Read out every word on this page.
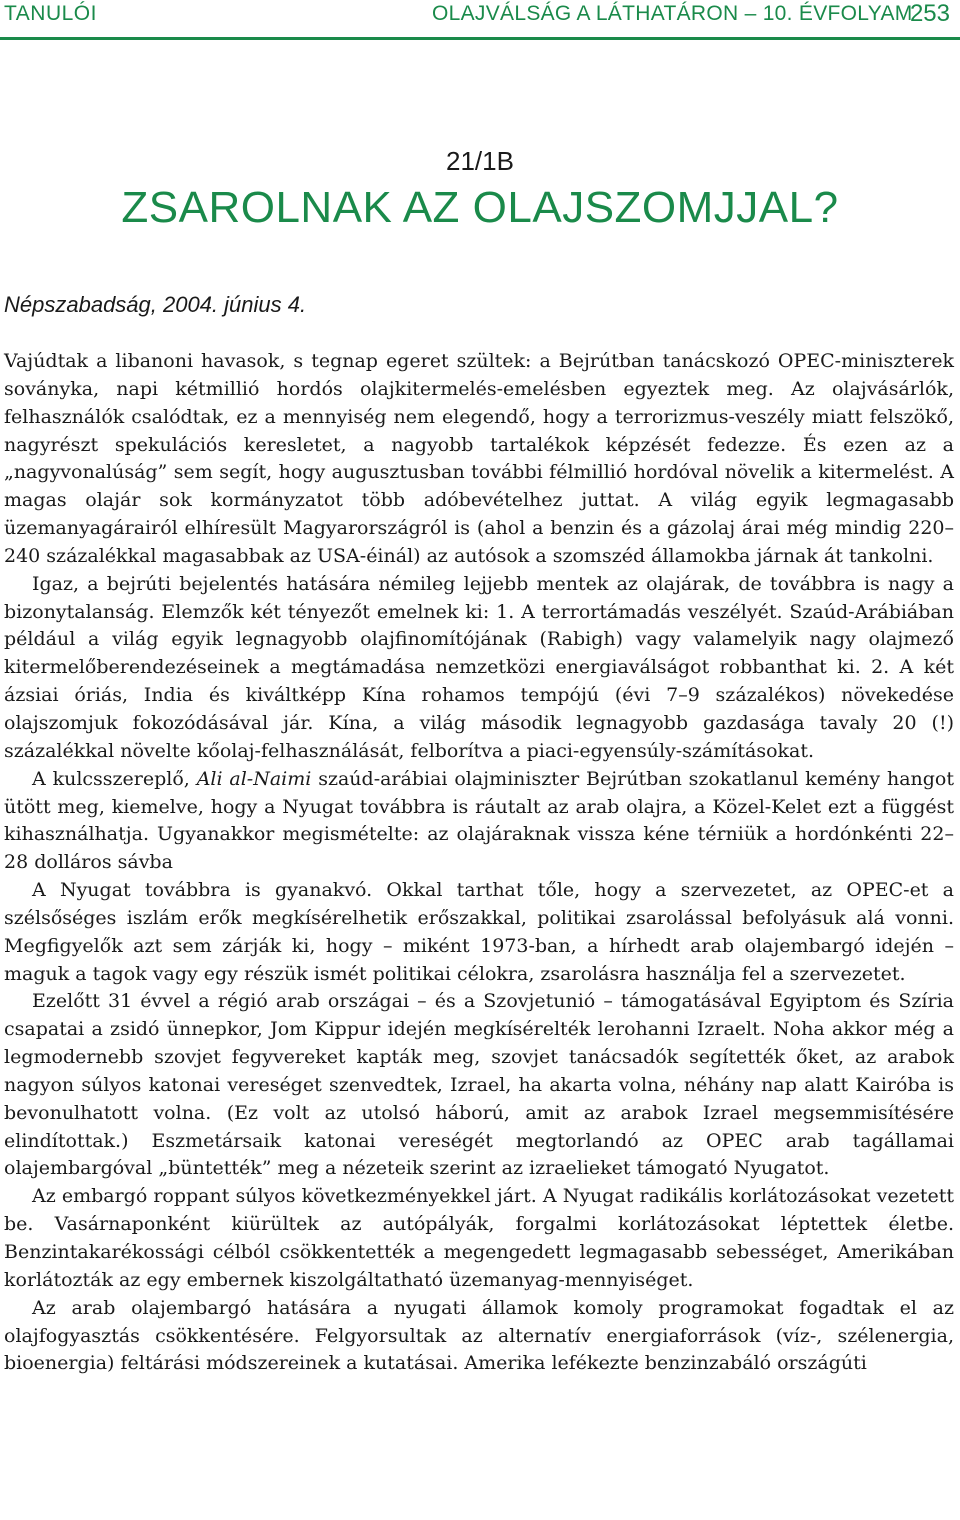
TANULÓI	OLAJVÁLSÁG A LÁTHATÁRON – 10. ÉVFOLYAM
253
21/1B
ZSAROLNAK AZ OLAJSZOMJJAL?
Népszabadság, 2004. június 4.

Vajúdtak a libanoni havasok, s tegnap egeret szültek: a Bejrútban tanácskozó OPEC-miniszterek soványka, napi kétmillió hordós olajkitermelés-emelésben egyeztek meg. Az olajvásárlók, felhasználók csalódtak, ez a mennyiség nem elegendő, hogy a terrorizmus-veszély miatt felszökő, nagyrészt spekulációs keresletet, a nagyobb tartalékok képzését fedezze. És ezen az a „nagyvonalúság” sem segít, hogy augusztusban további félmillió hordóval növelik a kitermelést. A magas olajár sok kormányzatot több adóbevételhez juttat. A világ egyik legmagasabb üzemanyagárairól elhíresült Magyarországról is (ahol a benzin és a gázolaj árai még mindig 220–240 százalékkal magasabbak az USA-éinál) az autósok a szomszéd államokba járnak át tankolni.

Igaz, a bejrúti bejelentés hatására némileg lejjebb mentek az olajárak, de továbbra is nagy a bizonytalanság. Elemzők két tényezőt emelnek ki: 1. A terrortámadás veszélyét. Szaúd-Arábiában például a világ egyik legnagyobb olajfinomítójának (Rabigh) vagy valamelyik nagy olajmező kitermelőberendezéseinek a megtámadása nemzetközi energiaválságot robbanthat ki. 2. A két ázsiai óriás, India és kiváltképp Kína rohamos tempójú (évi 7–9 százalékos) növekedése olajszomjuk fokozódásával jár. Kína, a világ második legnagyobb gazdasága tavaly 20 (!) százalékkal növelte kőolaj-felhasználását, felborítva a piaci-egyensúly-számításokat.

A kulcsszereplő, Ali al-Naimi szaúd-arábiai olajminiszter Bejrútban szokatlanul kemény hangot ütött meg, kiemelve, hogy a Nyugat továbbra is ráutalt az arab olajra, a Közel-Kelet ezt a függést kihasználhatja. Ugyanakkor megismételte: az olajáraknak vissza kéne térniük a hordónkénti 22–28 dolláros sávba

A Nyugat továbbra is gyanakvó. Okkal tarthat tőle, hogy a szervezetet, az OPEC-et a szélsőséges iszlám erők megkísérelhetik erőszakkal, politikai zsarolással befolyásuk alá vonni. Megfigyelők azt sem zárják ki, hogy – miként 1973-ban, a hírhedt arab olajembargó idején – maguk a tagok vagy egy részük ismét politikai célokra, zsarolásra használja fel a szervezetet.

Ezelőtt 31 évvel a régió arab országai – és a Szovjetunió – támogatásával Egyiptom és Szíria csapatai a zsidó ünnepkor, Jom Kippur idején megkísérelték lerohanni Izraelt. Noha akkor még a legmodernebb szovjet fegyvereket kapták meg, szovjet tanácsadók segítették őket, az arabok nagyon súlyos katonai vereséget szenvedtek, Izrael, ha akarta volna, néhány nap alatt Kairóba is bevonulhatott volna. (Ez volt az utolsó háború, amit az arabok Izrael megsemmisítésére elindítottak.) Eszmetársaik katonai vereségét megtorlandó az OPEC arab tagállamai olajembargóval „büntették” meg a nézeteik szerint az izraelieket támogató Nyugatot.

Az embargó roppant súlyos következményekkel járt. A Nyugat radikális korlátozásokat vezetett be. Vasárnaponként kiürültek az autópályák, forgalmi korlátozásokat léptettek életbe. Benzintakarékossági célból csökkentették a megengedett legmagasabb sebességet, Amerikában korlátozták az egy embernek kiszolgáltatható üzemanyag-mennyiséget.

Az arab olajembargó hatására a nyugati államok komoly programokat fogadtak el az olajfogyasztás csökkentésére. Felgyorsultak az alternatív energiaforrások (víz-, szélenergia, bioenergia) feltárási módszereinek a kutatásai. Amerika lefékezte benzinzabáló országúti
